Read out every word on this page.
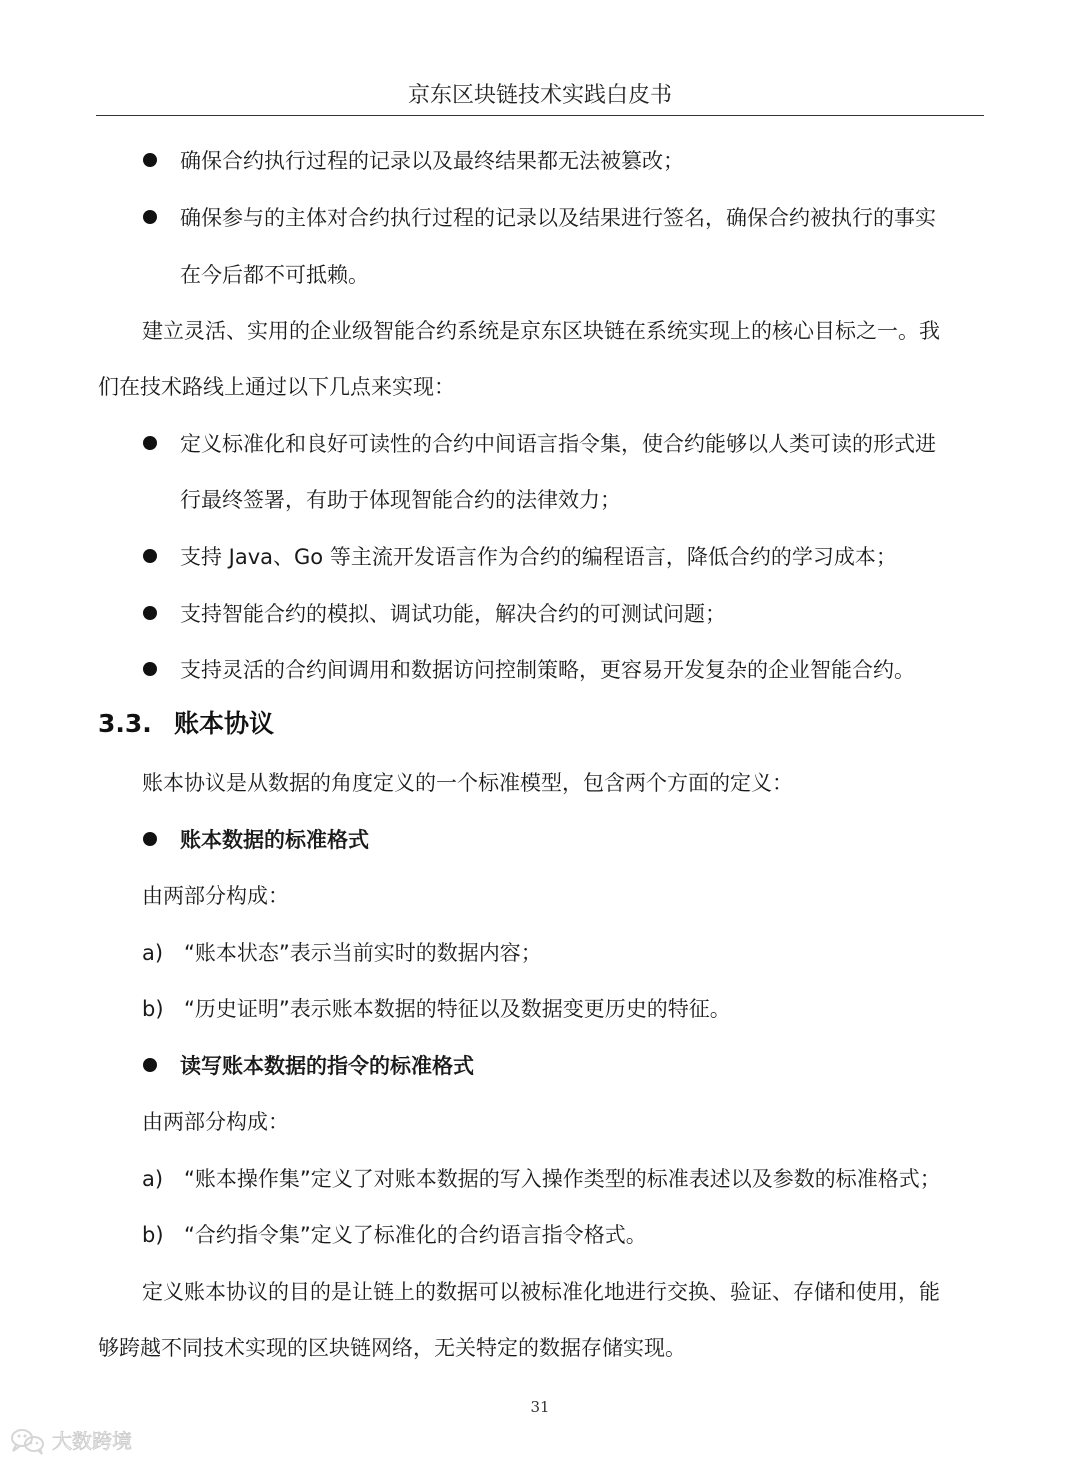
京东区块链技术实践白皮书
确保合约执行过程的记录以及最终结果都无法被篡改；
确保参与的主体对合约执行过程的记录以及结果进行签名，确保合约被执行的事实
在今后都不可抵赖。
建立灵活、实用的企业级智能合约系统是京东区块链在系统实现上的核心目标之一。我
们在技术路线上通过以下几点来实现：
定义标准化和良好可读性的合约中间语言指令集，使合约能够以人类可读的形式进
行最终签署，有助于体现智能合约的法律效力；
支持 Java、Go 等主流开发语言作为合约的编程语言，降低合约的学习成本；
支持智能合约的模拟、调试功能，解决合约的可测试问题；
支持灵活的合约间调用和数据访问控制策略，更容易开发复杂的企业智能合约。
3.3. 账本协议
账本协议是从数据的角度定义的一个标准模型，包含两个方面的定义：
账本数据的标准格式
由两部分构成：
a) “账本状态”表示当前实时的数据内容；
b) “历史证明”表示账本数据的特征以及数据变更历史的特征。
读写账本数据的指令的标准格式
由两部分构成：
a) “账本操作集”定义了对账本数据的写入操作类型的标准表述以及参数的标准格式；
b) “合约指令集”定义了标准化的合约语言指令格式。
定义账本协议的目的是让链上的数据可以被标准化地进行交换、验证、存储和使用，能
够跨越不同技术实现的区块链网络，无关特定的数据存储实现。
31
大数跨境
